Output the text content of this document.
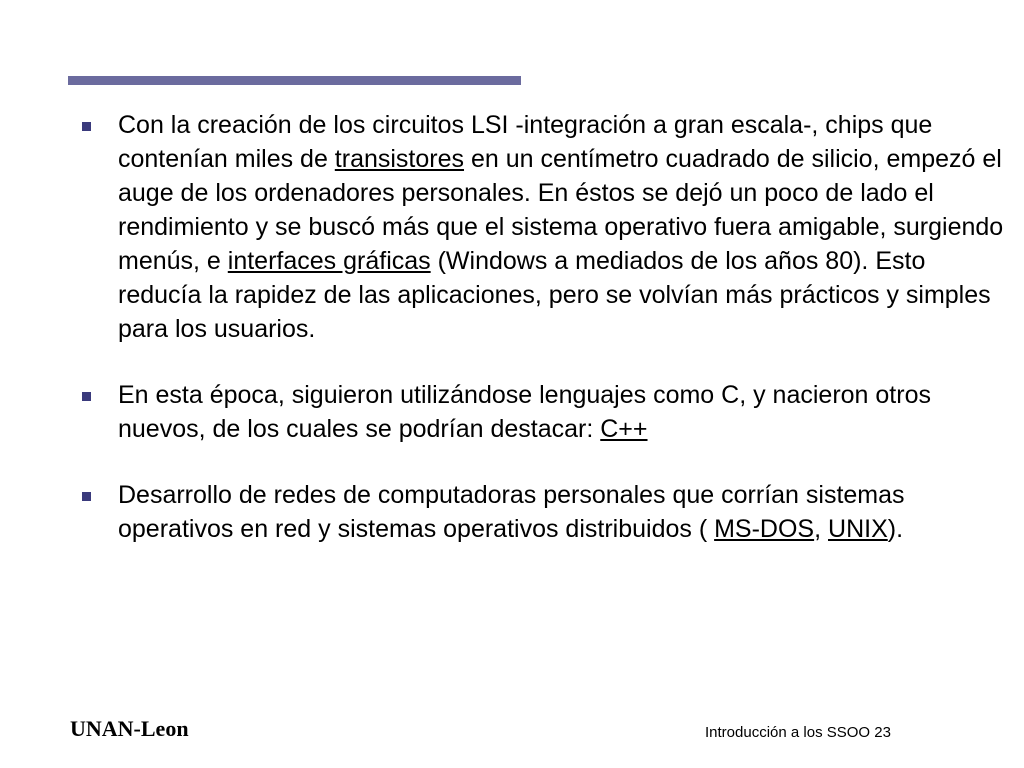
Con la creación de los circuitos LSI -integración a gran escala-, chips que contenían miles de transistores en un centímetro cuadrado de silicio, empezó el auge de los ordenadores personales. En éstos se dejó un poco de lado el rendimiento y se buscó más que el sistema operativo fuera amigable, surgiendo menús, e interfaces gráficas (Windows a mediados de los años 80). Esto reducía la rapidez de las aplicaciones, pero se volvían más prácticos y simples para los usuarios.
En esta época, siguieron utilizándose lenguajes como C, y nacieron otros nuevos, de los cuales se podrían destacar: C++
Desarrollo de redes de computadoras personales que corrían sistemas operativos en red y sistemas operativos distribuidos ( MS-DOS, UNIX).
UNAN-Leon	Introducción a los SSOO 23
